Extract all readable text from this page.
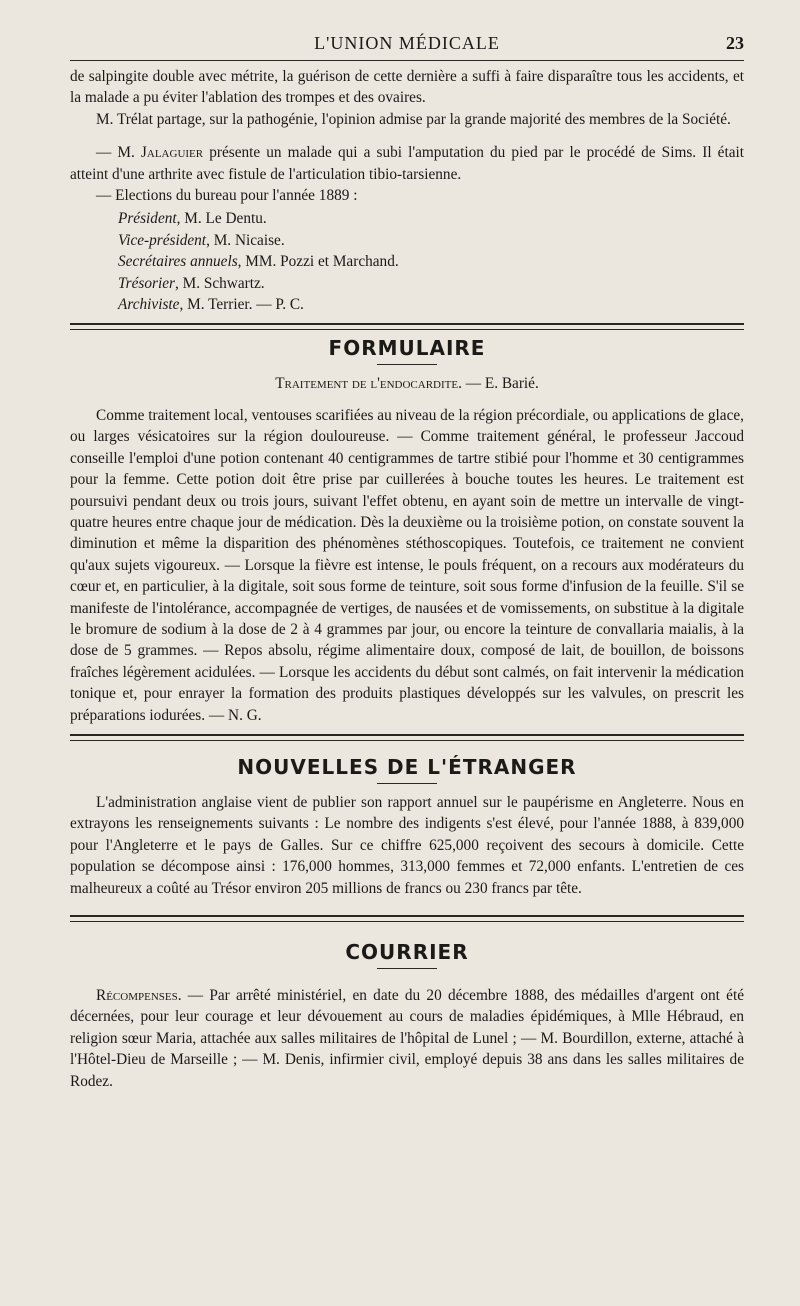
L'UNION MÉDICALE	23

de salpingite double avec métrite, la guérison de cette dernière a suffi à faire disparaître tous les accidents, et la malade a pu éviter l'ablation des trompes et des ovaires.

M. Trélat partage, sur la pathogénie, l'opinion admise par la grande majorité des membres de la Société.

— M. Jalaguier présente un malade qui a subi l'amputation du pied par le procédé de Sims. Il était atteint d'une arthrite avec fistule de l'articulation tibio-tarsienne.

— Elections du bureau pour l'année 1889 :

Président, M. Le Dentu.
Vice-président, M. Nicaise.
Secrétaires annuels, MM. Pozzi et Marchand.
Trésorier, M. Schwartz.
Archiviste, M. Terrier. — P. C.
FORMULAIRE
Traitement de l'endocardite. — E. Barié.

Comme traitement local, ventouses scarifiées au niveau de la région précordiale, ou applications de glace, ou larges vésicatoires sur la région douloureuse. — Comme traitement général, le professeur Jaccoud conseille l'emploi d'une potion contenant 40 centigrammes de tartre stibié pour l'homme et 30 centigrammes pour la femme. Cette potion doit être prise par cuillerées à bouche toutes les heures. Le traitement est poursuivi pendant deux ou trois jours, suivant l'effet obtenu, en ayant soin de mettre un intervalle de vingt-quatre heures entre chaque jour de médication. Dès la deuxième ou la troisième potion, on constate souvent la diminution et même la disparition des phénomènes stéthoscopiques. Toutefois, ce traitement ne convient qu'aux sujets vigoureux. — Lorsque la fièvre est intense, le pouls fréquent, on a recours aux modérateurs du cœur et, en particulier, à la digitale, soit sous forme de teinture, soit sous forme d'infusion de la feuille. S'il se manifeste de l'intolérance, accompagnée de vertiges, de nausées et de vomissements, on substitue à la digitale le bromure de sodium à la dose de 2 à 4 grammes par jour, ou encore la teinture de convallaria maialis, à la dose de 5 grammes. — Repos absolu, régime alimentaire doux, composé de lait, de bouillon, de boissons fraîches légèrement acidulées. — Lorsque les accidents du début sont calmés, on fait intervenir la médication tonique et, pour enrayer la formation des produits plastiques développés sur les valvules, on prescrit les préparations iodurées. — N. G.

NOUVELLES DE L'ÉTRANGER

L'administration anglaise vient de publier son rapport annuel sur le paupérisme en Angleterre. Nous en extrayons les renseignements suivants : Le nombre des indigents s'est élevé, pour l'année 1888, à 839,000 pour l'Angleterre et le pays de Galles. Sur ce chiffre 625,000 reçoivent des secours à domicile. Cette population se décompose ainsi : 176,000 hommes, 313,000 femmes et 72,000 enfants. L'entretien de ces malheureux a coûté au Trésor environ 205 millions de francs ou 230 francs par tête.

COURRIER

Récompenses. — Par arrêté ministériel, en date du 20 décembre 1888, des médailles d'argent ont été décernées, pour leur courage et leur dévouement au cours de maladies épidémiques, à Mlle Hébraud, en religion sœur Maria, attachée aux salles militaires de l'hôpital de Lunel ; — M. Bourdillon, externe, attaché à l'Hôtel-Dieu de Marseille ; — M. Denis, infirmier civil, employé depuis 38 ans dans les salles militaires de Rodez.
